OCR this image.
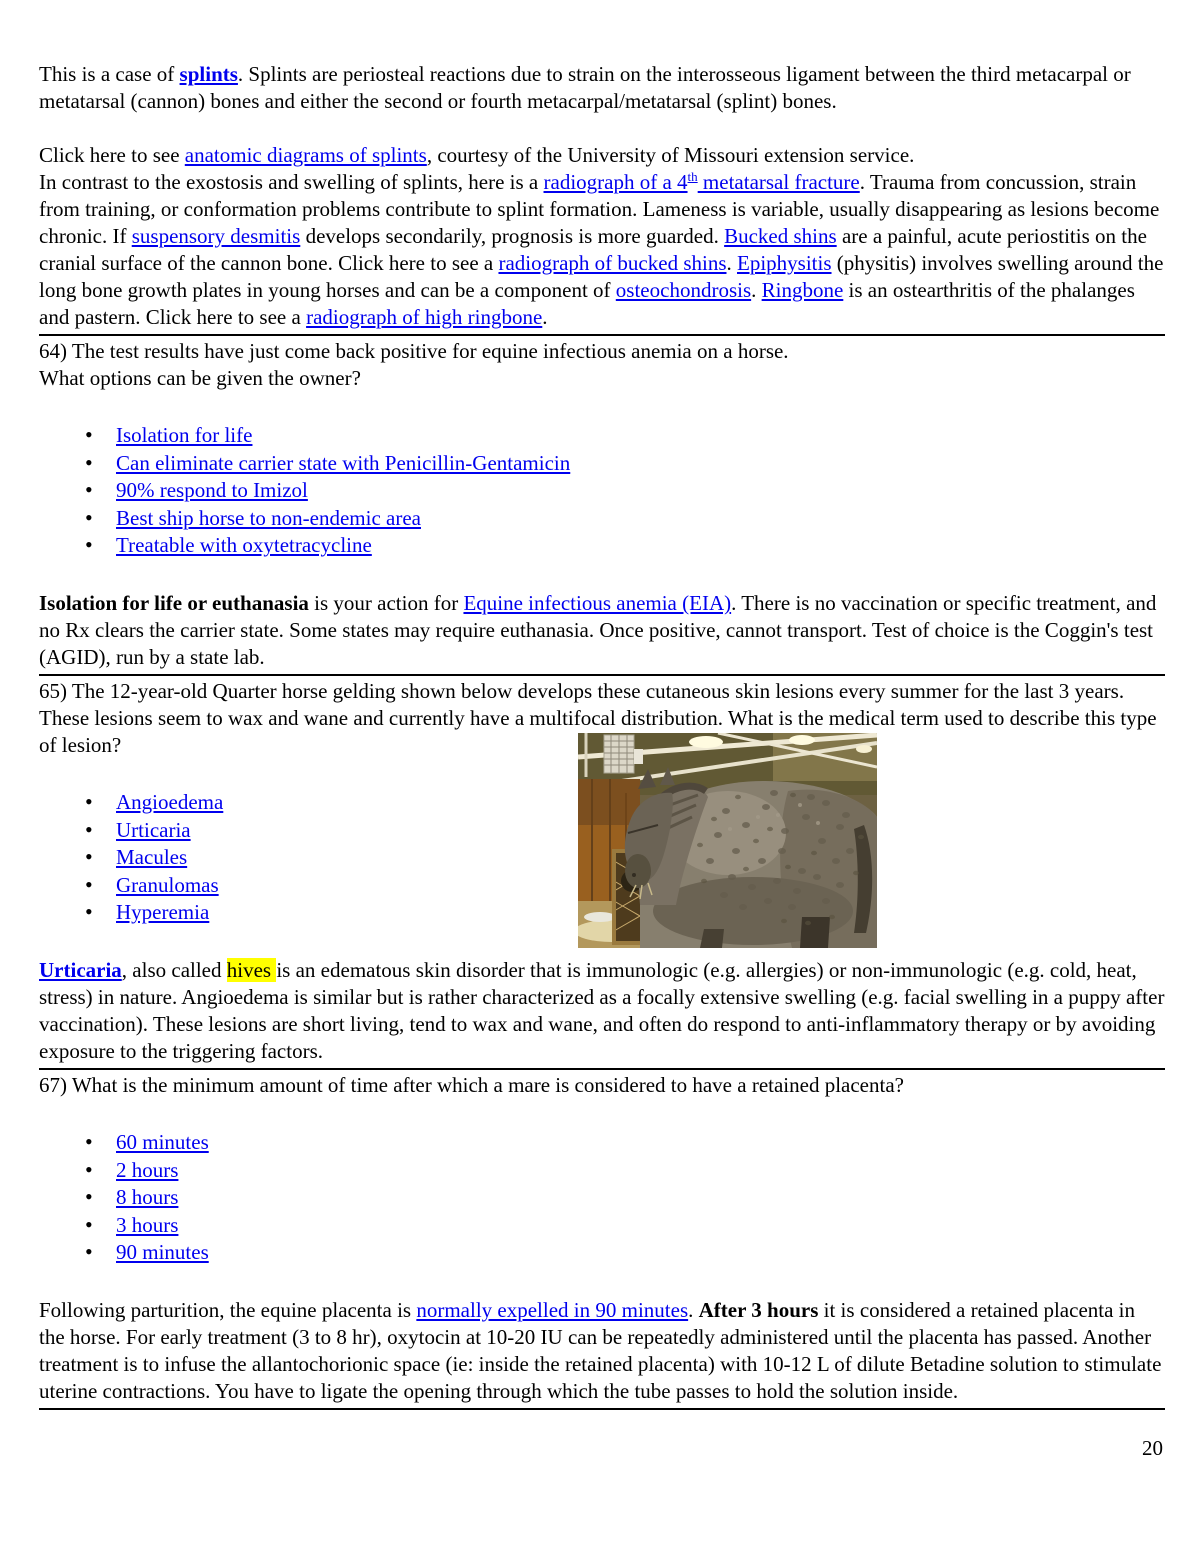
This is a case of splints. Splints are periosteal reactions due to strain on the interosseous ligament between the third metacarpal or metatarsal (cannon) bones and either the second or fourth metacarpal/metatarsal (splint) bones.

Click here to see anatomic diagrams of splints, courtesy of the University of Missouri extension service.

In contrast to the exostosis and swelling of splints, here is a radiograph of a 4th metatarsal fracture. Trauma from concussion, strain from training, or conformation problems contribute to splint formation. Lameness is variable, usually disappearing as lesions become chronic. If suspensory desmitis develops secondarily, prognosis is more guarded. Bucked shins are a painful, acute periostitis on the cranial surface of the cannon bone. Click here to see a radiograph of bucked shins. Epiphysitis (physitis) involves swelling around the long bone growth plates in young horses and can be a component of osteochondrosis. Ringbone is an ostearthritis of the phalanges and pastern. Click here to see a radiograph of high ringbone.

64) The test results have just come back positive for equine infectious anemia on a horse.
What options can be given the owner?

• Isolation for life
• Can eliminate carrier state with Penicillin-Gentamicin
• 90% respond to Imizol
• Best ship horse to non-endemic area
• Treatable with oxytetracycline

Isolation for life or euthanasia is your action for Equine infectious anemia (EIA). There is no vaccination or specific treatment, and no Rx clears the carrier state. Some states may require euthanasia. Once positive, cannot transport. Test of choice is the Coggin's test (AGID), run by a state lab.

65) The 12-year-old Quarter horse gelding shown below develops these cutaneous skin lesions every summer for the last 3 years. These lesions seem to wax and wane and currently have a multifocal distribution. What is the medical term used to describe this type of lesion?

• Angioedema
• Urticaria
• Macules
• Granulomas
• Hyperemia

Urticaria, also called hives is an edematous skin disorder that is immunologic (e.g. allergies) or non-immunologic (e.g. cold, heat, stress) in nature. Angioedema is similar but is rather characterized as a focally extensive swelling (e.g. facial swelling in a puppy after vaccination). These lesions are short living, tend to wax and wane, and often do respond to anti-inflammatory therapy or by avoiding exposure to the triggering factors.

67) What is the minimum amount of time after which a mare is considered to have a retained placenta?

• 60 minutes
• 2 hours
• 8 hours
• 3 hours
• 90 minutes

Following parturition, the equine placenta is normally expelled in 90 minutes. After 3 hours it is considered a retained placenta in the horse. For early treatment (3 to 8 hr), oxytocin at 10-20 IU can be repeatedly administered until the placenta has passed. Another treatment is to infuse the allantochorionic space (ie: inside the retained placenta) with 10-12 L of dilute Betadine solution to stimulate uterine contractions. You have to ligate the opening through which the tube passes to hold the solution inside.

20
